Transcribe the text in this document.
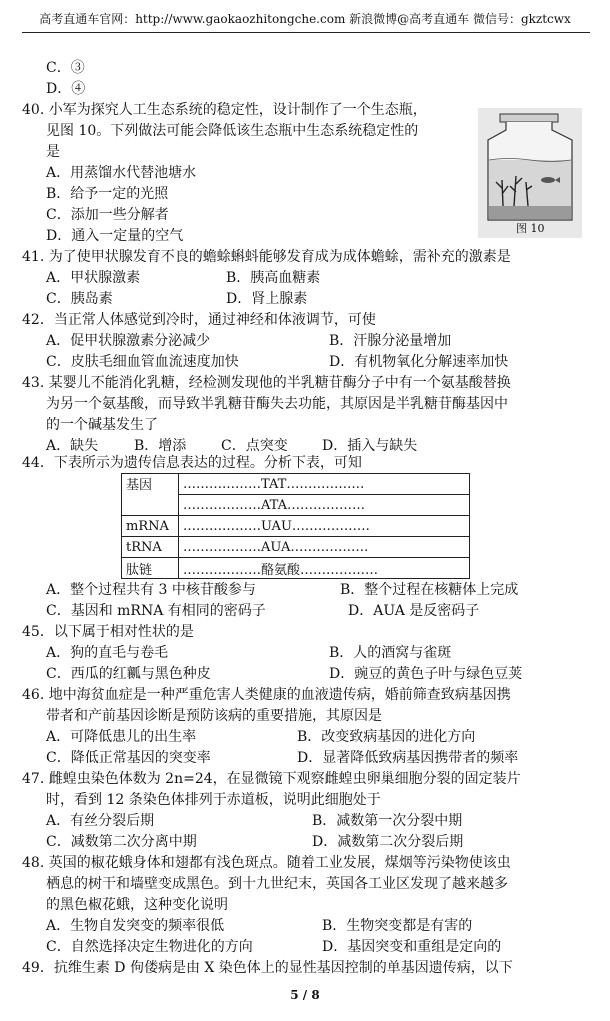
高考直通车官网：http://www.gaokaozhitongche.com 新浪微博@高考直通车 微信号：gkztcwx
C．③
D．④
40. 小军为探究人工生态系统的稳定性，设计制作了一个生态瓶，
见图 10。下列做法可能会降低该生态瓶中生态系统稳定性的
是
A．用蒸馏水代替池塘水
B．给予一定的光照
C．添加一些分解者
D．通入一定量的空气	图 10
41. 为了使甲状腺发育不良的蟾蜍蝌蚪能够发育成为成体蟾蜍，需补充的激素是
A．甲状腺激素	B．胰高血糖素
C．胰岛素	D．肾上腺素
42．当正常人体感觉到冷时，通过神经和体液调节，可使
A．促甲状腺激素分泌减少	B．汗腺分泌量增加
C．皮肤毛细血管血流速度加快	D．有机物氧化分解速率加快
43. 某婴儿不能消化乳糖，经检测发现他的半乳糖苷酶分子中有一个氨基酸替换
为另一个氨基酸，而导致半乳糖苷酶失去功能，其原因是半乳糖苷酶基因中
的一个碱基发生了
A．缺失	B．增添 C．点突变 D．插入与缺失
44．下表所示为遗传信息表达的过程。分析下表，可知
基因	………………TAT………………
	………………ATA………………
mRNA	………………UAU………………
tRNA	………………AUA………………
肽链	………………酪氨酸………………
A．整个过程共有 3 中核苷酸参与	B．整个过程在核糖体上完成
C．基因和 mRNA 有相同的密码子	D．AUA 是反密码子
45．以下属于相对性状的是
A．狗的直毛与卷毛	B．人的酒窝与雀斑
C．西瓜的红瓤与黑色种皮	D．豌豆的黄色子叶与绿色豆荚
46. 地中海贫血症是一种严重危害人类健康的血液遗传病，婚前筛查致病基因携
带者和产前基因诊断是预防该病的重要措施，其原因是
A．可降低患儿的出生率	B．改变致病基因的进化方向
C．降低正常基因的突变率	D．显著降低致病基因携带者的频率
47. 雌蝗虫染色体数为 2n=24，在显微镜下观察雌蝗虫卵巢细胞分裂的固定装片
时，看到 12 条染色体排列于赤道板，说明此细胞处于
A．有丝分裂后期	B．减数第一次分裂中期
C．减数第二次分离中期	D．减数第二次分裂后期
48. 英国的椒花蛾身体和翅都有浅色斑点。随着工业发展，煤烟等污染物使该虫
栖息的树干和墙壁变成黑色。到十九世纪末，英国各工业区发现了越来越多
的黑色椒花蛾，这种变化说明
A．生物自发突变的频率很低	B．生物突变都是有害的
C．自然选择决定生物进化的方向	D．基因突变和重组是定向的
49．抗维生素 D 佝偻病是由 X 染色体上的显性基因控制的单基因遗传病，以下
5 / 8
